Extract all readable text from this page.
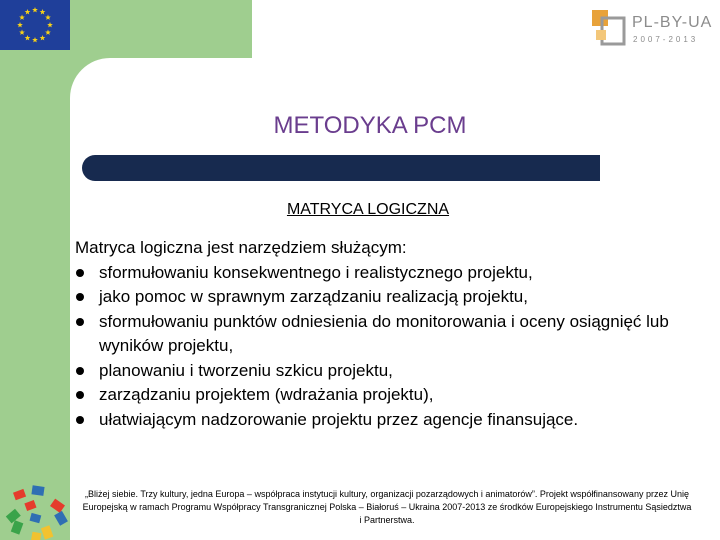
PL-BY-UA
2007-2013
METODYKA PCM
MATRYCA LOGICZNA

Matryca logiczna jest narzędziem służącym:

sformułowaniu konsekwentnego i realistycznego projektu,
jako pomoc w sprawnym zarządzaniu realizacją projektu,
sformułowaniu punktów odniesienia do monitorowania i oceny osiągnięć lub wyników projektu,
planowaniu i tworzeniu szkicu projektu,
zarządzaniu projektem (wdrażania projektu),
ułatwiającym nadzorowanie projektu przez agencje finansujące.
„Bliżej siebie. Trzy kultury, jedna Europa – współpraca instytucji kultury, organizacji pozarządowych i animatorów”. Projekt współfinansowany przez Unię Europejską w ramach Programu Współpracy Transgranicznej Polska – Białoruś – Ukraina 2007-2013 ze środków Europejskiego Instrumentu Sąsiedztwa i Partnerstwa.
